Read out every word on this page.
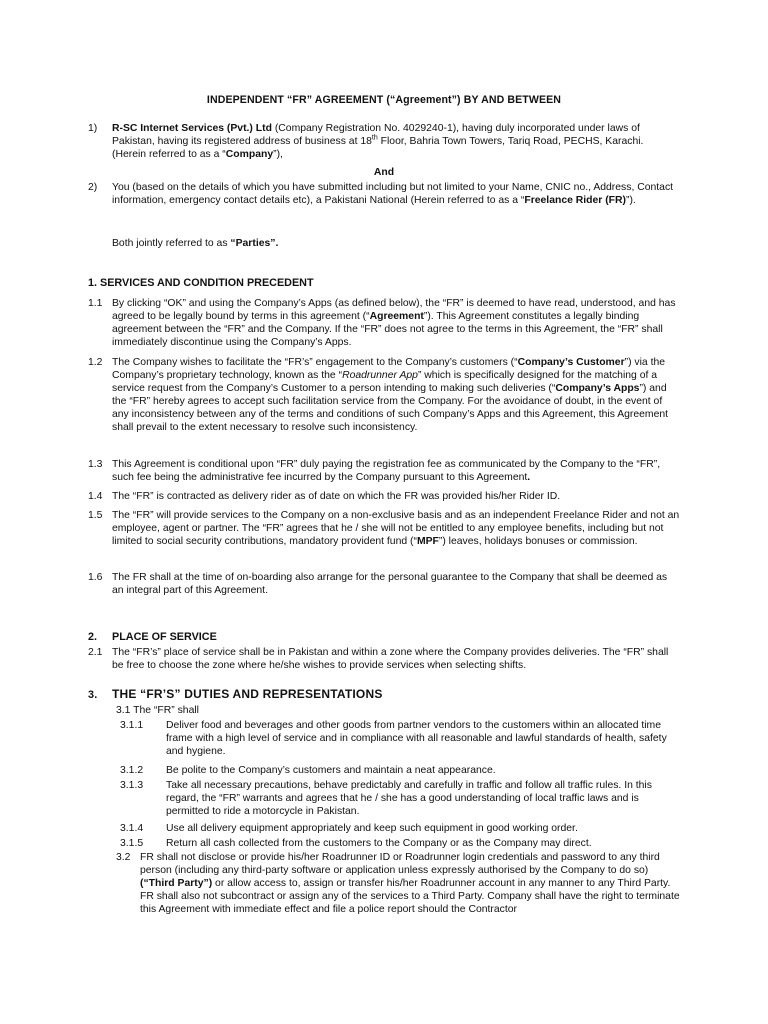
INDEPENDENT “FR” AGREEMENT (“Agreement”) BY AND BETWEEN
1) R-SC Internet Services (Pvt.) Ltd (Company Registration No. 4029240-1), having duly incorporated under laws of Pakistan, having its registered address of business at 18th Floor, Bahria Town Towers, Tariq Road, PECHS, Karachi. (Herein referred to as a “Company”),

And
2) You (based on the details of which you have submitted including but not limited to your Name, CNIC no., Address, Contact information, emergency contact details etc), a Pakistani National (Herein referred to as a “Freelance Rider (FR)”).

Both jointly referred to as “Parties”.
1. SERVICES AND CONDITION PRECEDENT
1.1 By clicking “OK” and using the Company’s Apps (as defined below), the “FR” is deemed to have read, understood, and has agreed to be legally bound by terms in this agreement (“Agreement”). This Agreement constitutes a legally binding agreement between the “FR” and the Company. If the “FR” does not agree to the terms in this Agreement, the “FR” shall immediately discontinue using the Company’s Apps.

1.2 The Company wishes to facilitate the “FR’s” engagement to the Company’s customers (“Company’s Customer”) via the Company’s proprietary technology, known as the “Roadrunner App” which is specifically designed for the matching of a service request from the Company’s Customer to a person intending to making such deliveries (“Company’s Apps”) and the “FR” hereby agrees to accept such facilitation service from the Company. For the avoidance of doubt, in the event of any inconsistency between any of the terms and conditions of such Company’s Apps and this Agreement, this Agreement shall prevail to the extent necessary to resolve such inconsistency.

1.3 This Agreement is conditional upon “FR” duly paying the registration fee as communicated by the Company to the “FR”, such fee being the administrative fee incurred by the Company pursuant to this Agreement.

1.4 The “FR” is contracted as delivery rider as of date on which the FR was provided his/her Rider ID.

1.5 The “FR” will provide services to the Company on a non-exclusive basis and as an independent Freelance Rider and not an employee, agent or partner. The “FR” agrees that he / she will not be entitled to any employee benefits, including but not limited to social security contributions, mandatory provident fund (“MPF”) leaves, holidays bonuses or commission.

1.6 The FR shall at the time of on-boarding also arrange for the personal guarantee to the Company that shall be deemed as an integral part of this Agreement.

2. PLACE OF SERVICE
2.1 The “FR’s” place of service shall be in Pakistan and within a zone where the Company provides deliveries. The “FR” shall be free to choose the zone where he/she wishes to provide services when selecting shifts.

3. THE “FR’S” DUTIES AND REPRESENTATIONS
3.1 The “FR” shall
3.1.1 Deliver food and beverages and other goods from partner vendors to the customers within an allocated time frame with a high level of service and in compliance with all reasonable and lawful standards of health, safety and hygiene.

3.1.2 Be polite to the Company’s customers and maintain a neat appearance.

3.1.3 Take all necessary precautions, behave predictably and carefully in traffic and follow all traffic rules. In this regard, the “FR” warrants and agrees that he / she has a good understanding of local traffic laws and is permitted to ride a motorcycle in Pakistan.

3.1.4 Use all delivery equipment appropriately and keep such equipment in good working order.

3.1.5 Return all cash collected from the customers to the Company or as the Company may direct.

3.2 FR shall not disclose or provide his/her Roadrunner ID or Roadrunner login credentials and password to any third person (including any third-party software or application unless expressly authorised by the Company to do so) (“Third Party”) or allow access to, assign or transfer his/her Roadrunner account in any manner to any Third Party. FR shall also not subcontract or assign any of the services to a Third Party. Company shall have the right to terminate this Agreement with immediate effect and file a police report should the Contractor
